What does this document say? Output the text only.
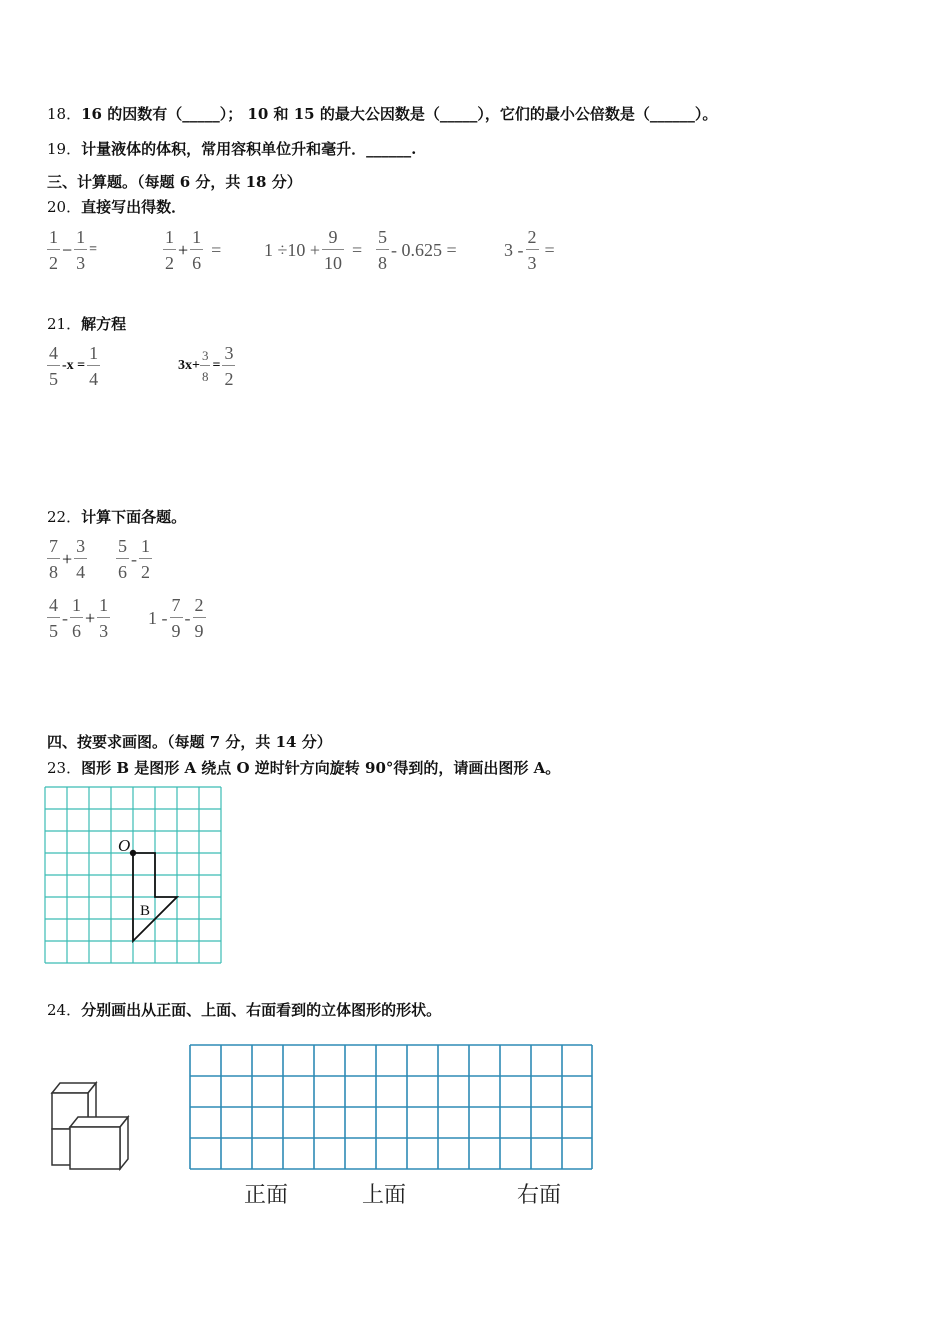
18．16 的因数有（_____）； 10 和 15 的最大公因数是（_____），它们的最小公倍数是（______）。
19．计量液体的体积，常用容积单位升和毫升．______.
三、计算题。（每题 6 分，共 18 分）
20．直接写出得数．
$\frac{1}{2} - \frac{1}{3}$ =	$\frac{1}{2} + \frac{1}{6} = 1 \div 10 + \frac{9}{10} = \frac{5}{8} - 0.625$ =	$3 - \frac{2}{3}$ =
21．解方程
$\frac{4}{5} -x = \frac{1}{4}$	$3x+ \frac{3}{8} = \frac{3}{2}$
22．计算下面各题。
$\frac{7}{8} + \frac{3}{4} \frac{5}{6} - \frac{1}{2}$
$\frac{4}{5} - \frac{1}{6} + \frac{1}{3} 1 - \frac{7}{9} - \frac{2}{9}$
四、按要求画图。（每题 7 分，共 14 分）
23．图形 B 是图形 A 绕点 O 逆时针方向旋转 90°得到的，请画出图形 A。
O
B
24．分别画出从正面、上面、右面看到的立体图形的形状。
正面	上面	右面
